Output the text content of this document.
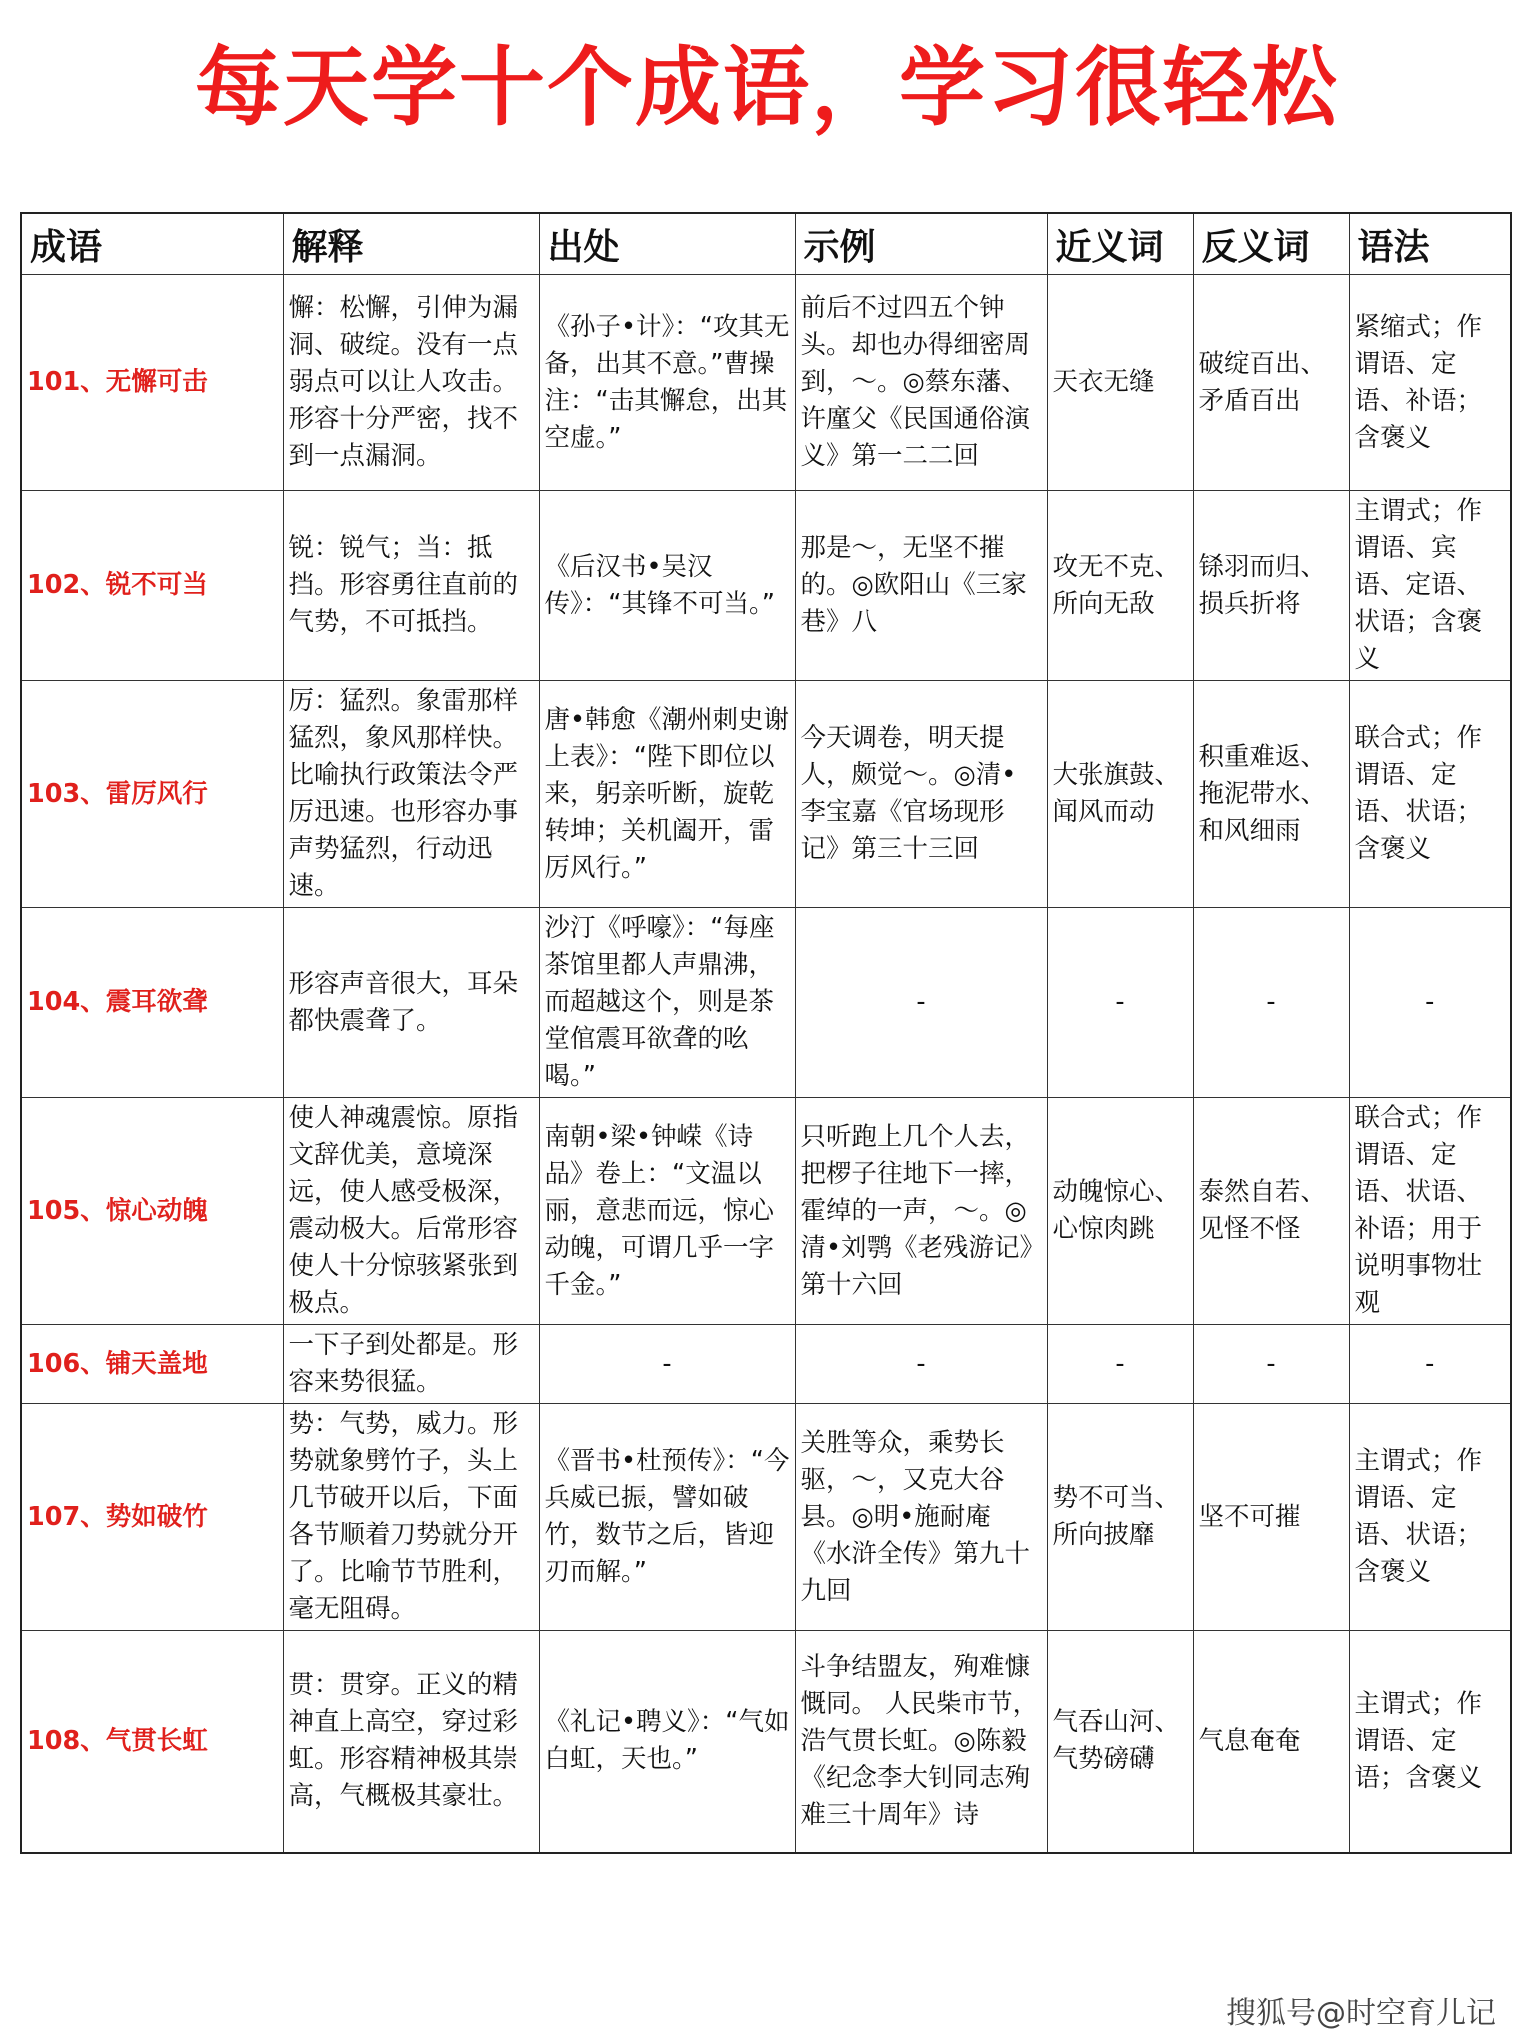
每天学十个成语，学习很轻松
成语	解释	出处	示例	近义词	反义词	语法
101、无懈可击	懈：松懈，引伸为漏洞、破绽。没有一点弱点可以让人攻击。形容十分严密，找不到一点漏洞。	《孙子•计》：“攻其无备，出其不意。”曹操注：“击其懈怠，出其空虚。”	前后不过四五个钟头。却也办得细密周到，～。◎蔡东藩、许廑父《民国通俗演义》第一二二回	天衣无缝	破绽百出、矛盾百出	紧缩式；作谓语、定语、补语；含褒义
102、锐不可当	锐：锐气；当：抵挡。形容勇往直前的气势，不可抵挡。	《后汉书•吴汉传》：“其锋不可当。”	那是～，无坚不摧的。◎欧阳山《三家巷》八	攻无不克、所向无敌	铩羽而归、损兵折将	主谓式；作谓语、宾语、定语、状语；含褒义
103、雷厉风行	厉：猛烈。象雷那样猛烈，象风那样快。比喻执行政策法令严厉迅速。也形容办事声势猛烈，行动迅速。	唐•韩愈《潮州刺史谢上表》：“陛下即位以来，躬亲听断，旋乾转坤；关机阖开，雷厉风行。”	今天调卷，明天提人，颇觉～。◎清•李宝嘉《官场现形记》第三十三回	大张旗鼓、闻风而动	积重难返、拖泥带水、和风细雨	联合式；作谓语、定语、状语；含褒义
104、震耳欲聋	形容声音很大，耳朵都快震聋了。	沙汀《呼嚎》：“每座茶馆里都人声鼎沸，而超越这个，则是茶堂倌震耳欲聋的吆喝。”	-	-	-	-
105、惊心动魄	使人神魂震惊。原指文辞优美，意境深远，使人感受极深，震动极大。后常形容使人十分惊骇紧张到极点。	南朝•梁•钟嵘《诗品》卷上：“文温以丽，意悲而远，惊心动魄，可谓几乎一字千金。”	只听跑上几个人去，把椤子往地下一摔，霍绰的一声，～。◎清•刘鹗《老残游记》第十六回	动魄惊心、心惊肉跳	泰然自若、见怪不怪	联合式；作谓语、定语、状语、补语；用于说明事物壮观
106、铺天盖地	一下子到处都是。形容来势很猛。	-	-	-	-	-
107、势如破竹	势：气势，威力。形势就象劈竹子，头上几节破开以后，下面各节顺着刀势就分开了。比喻节节胜利，毫无阻碍。	《晋书•杜预传》：“今兵威已振，譬如破竹，数节之后，皆迎刃而解。”	关胜等众，乘势长驱，～，又克大谷县。◎明•施耐庵《水浒全传》第九十九回	势不可当、所向披靡	坚不可摧	主谓式；作谓语、定语、状语；含褒义
108、气贯长虹	贯：贯穿。正义的精神直上高空，穿过彩虹。形容精神极其崇高，气概极其豪壮。	《礼记•聘义》：“气如白虹，天也。”	斗争结盟友，殉难慷慨同。 人民柴市节，浩气贯长虹。◎陈毅《纪念李大钊同志殉难三十周年》诗	气吞山河、气势磅礴	气息奄奄	主谓式；作谓语、定语；含褒义
搜狐号@时空育儿记
